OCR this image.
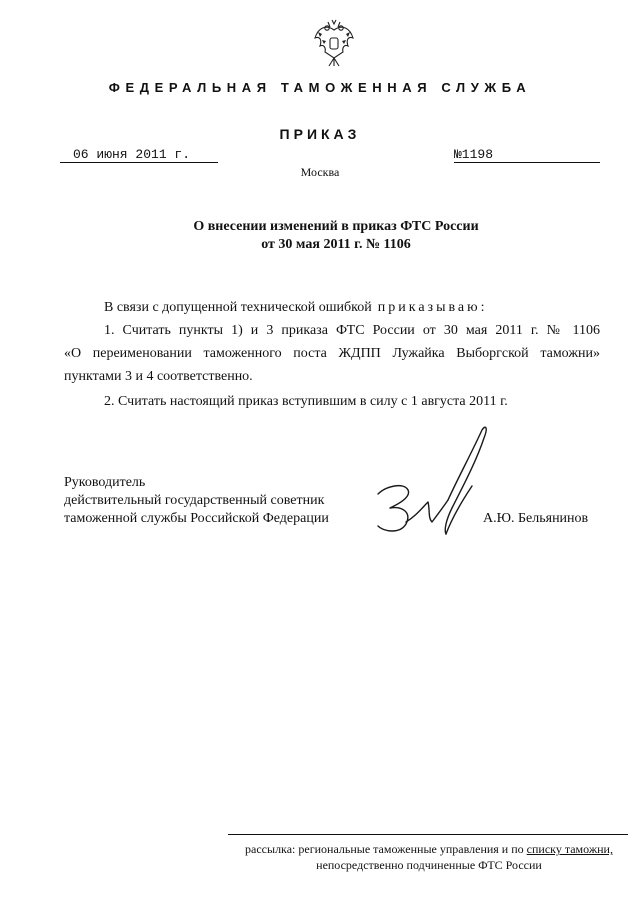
ФЕДЕРАЛЬНАЯ ТАМОЖЕННАЯ СЛУЖБА
ПРИКАЗ
06 июня 2011 г.	№1198
Москва
О внесении изменений в приказ ФТС России
от 30 мая 2011 г. № 1106
В связи с допущенной технической ошибкой приказываю:
1. Считать пункты 1) и 3 приказа ФТС России от 30 мая 2011 г. № 1106
«О переименовании таможенного поста ЖДПП Лужайка Выборгской таможни»
пунктами 3 и 4 соответственно.
2. Считать настоящий приказ вступившим в силу с 1 августа 2011 г.
Руководитель
действительный государственный советник
таможенной службы Российской Федерации	А.Ю. Бельянинов
рассылка: региональные таможенные управления и по списку таможни,
непосредственно подчиненные ФТС России
